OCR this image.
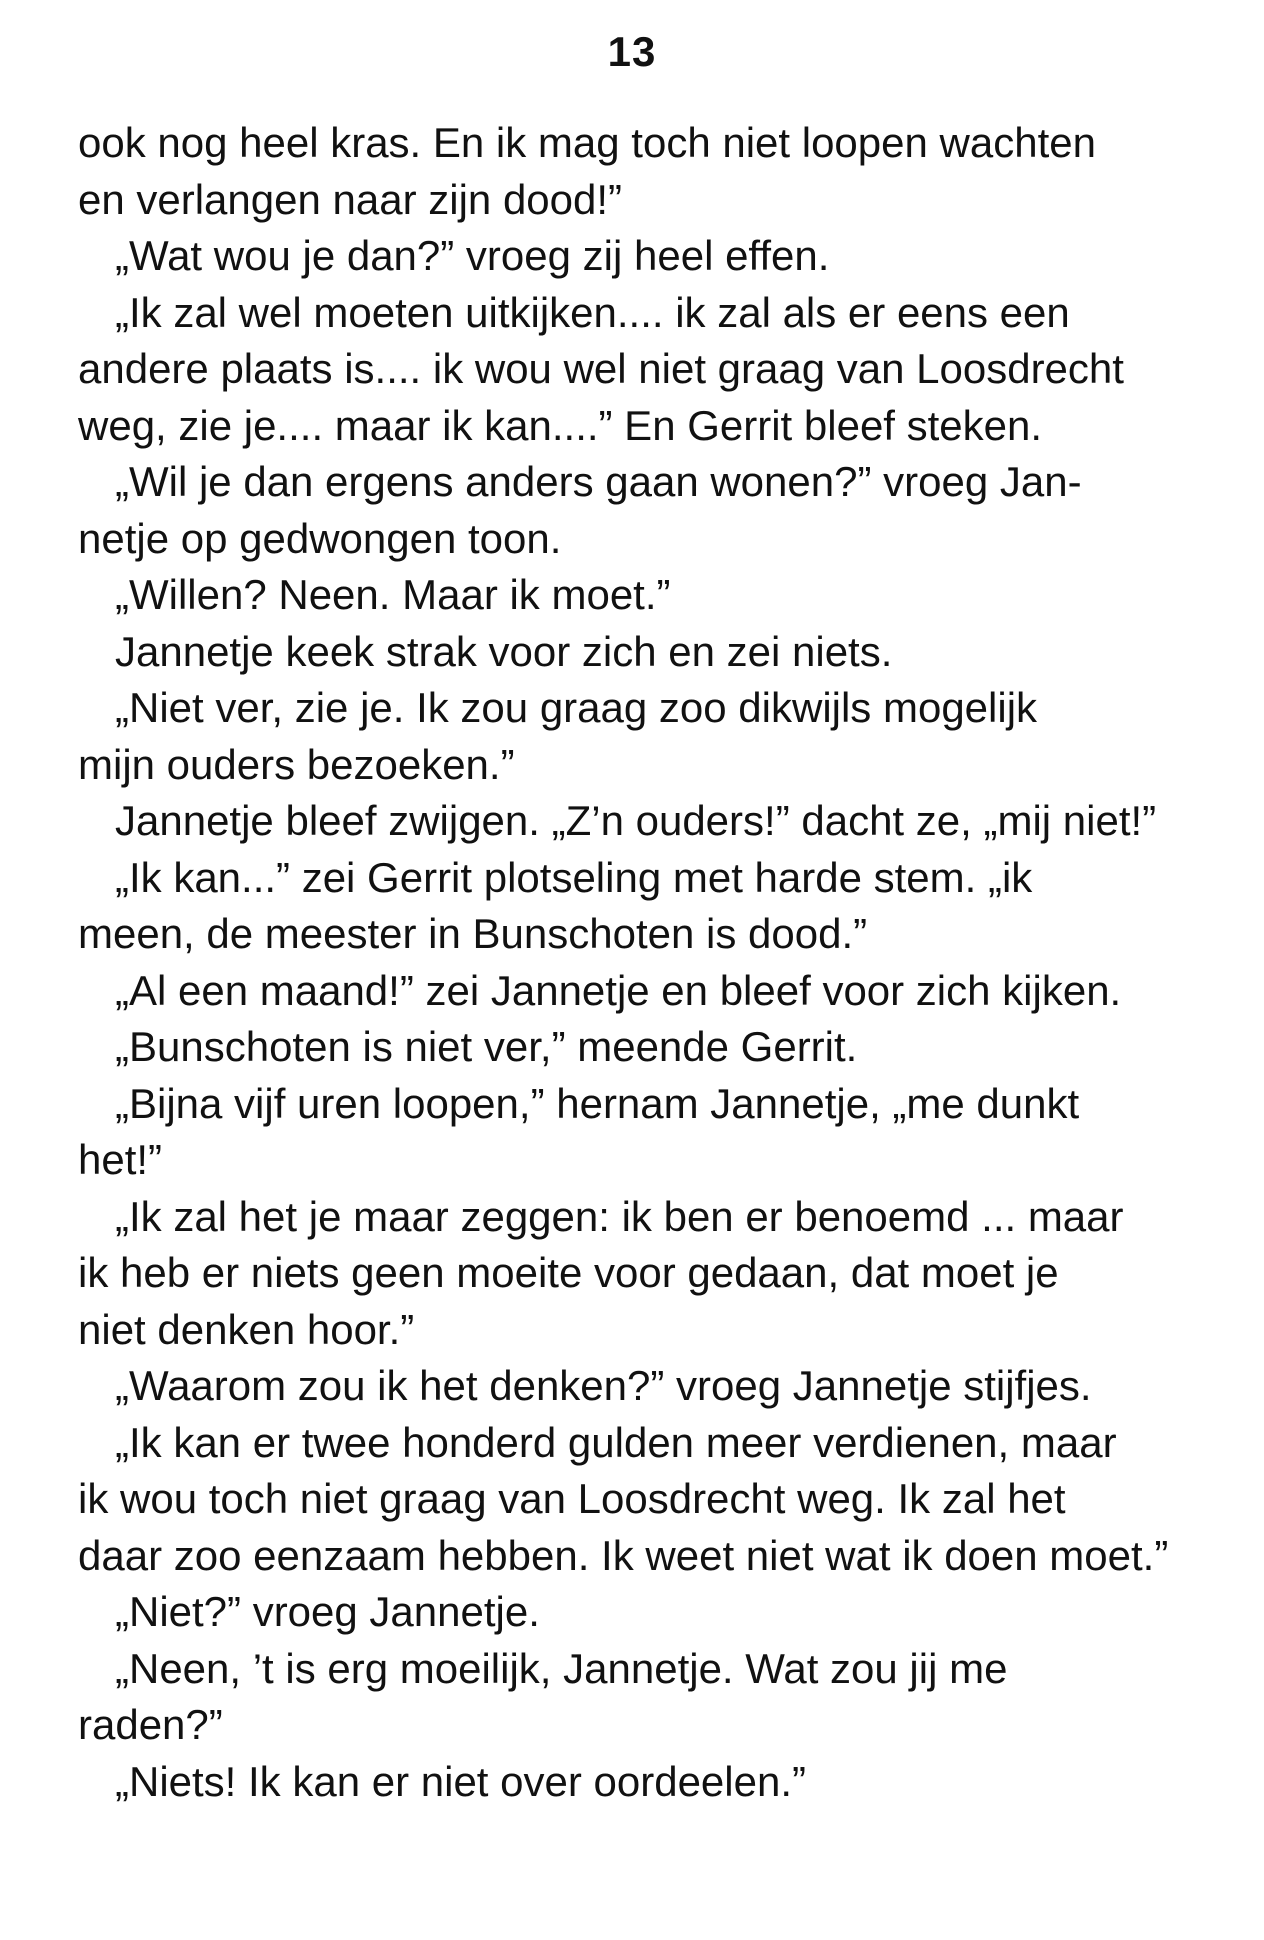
13
ook nog heel kras. En ik mag toch niet loopen wachten
en verlangen naar zijn dood!”
„Wat wou je dan?” vroeg zij heel effen.
„Ik zal wel moeten uitkijken.... ik zal als er eens een
andere plaats is.... ik wou wel niet graag van Loosdrecht
weg, zie je.... maar ik kan....” En Gerrit bleef steken.
„Wil je dan ergens anders gaan wonen?” vroeg Jan-
netje op gedwongen toon.
„Willen? Neen. Maar ik moet.”
Jannetje keek strak voor zich en zei niets.
„Niet ver, zie je. Ik zou graag zoo dikwijls mogelijk
mijn ouders bezoeken.”
Jannetje bleef zwijgen. „Z’n ouders!” dacht ze, „mij niet!”
„Ik kan...” zei Gerrit plotseling met harde stem. „ik
meen, de meester in Bunschoten is dood.”
„Al een maand!” zei Jannetje en bleef voor zich kijken.
„Bunschoten is niet ver,” meende Gerrit.
„Bijna vijf uren loopen,” hernam Jannetje, „me dunkt
het!”
„Ik zal het je maar zeggen: ik ben er benoemd ... maar
ik heb er niets geen moeite voor gedaan, dat moet je
niet denken hoor.”
„Waarom zou ik het denken?” vroeg Jannetje stijfjes.
„Ik kan er twee honderd gulden meer verdienen, maar
ik wou toch niet graag van Loosdrecht weg. Ik zal het
daar zoo eenzaam hebben. Ik weet niet wat ik doen moet.”
„Niet?” vroeg Jannetje.
„Neen, ’t is erg moeilijk, Jannetje. Wat zou jij me
raden?”
„Niets! Ik kan er niet over oordeelen.”
